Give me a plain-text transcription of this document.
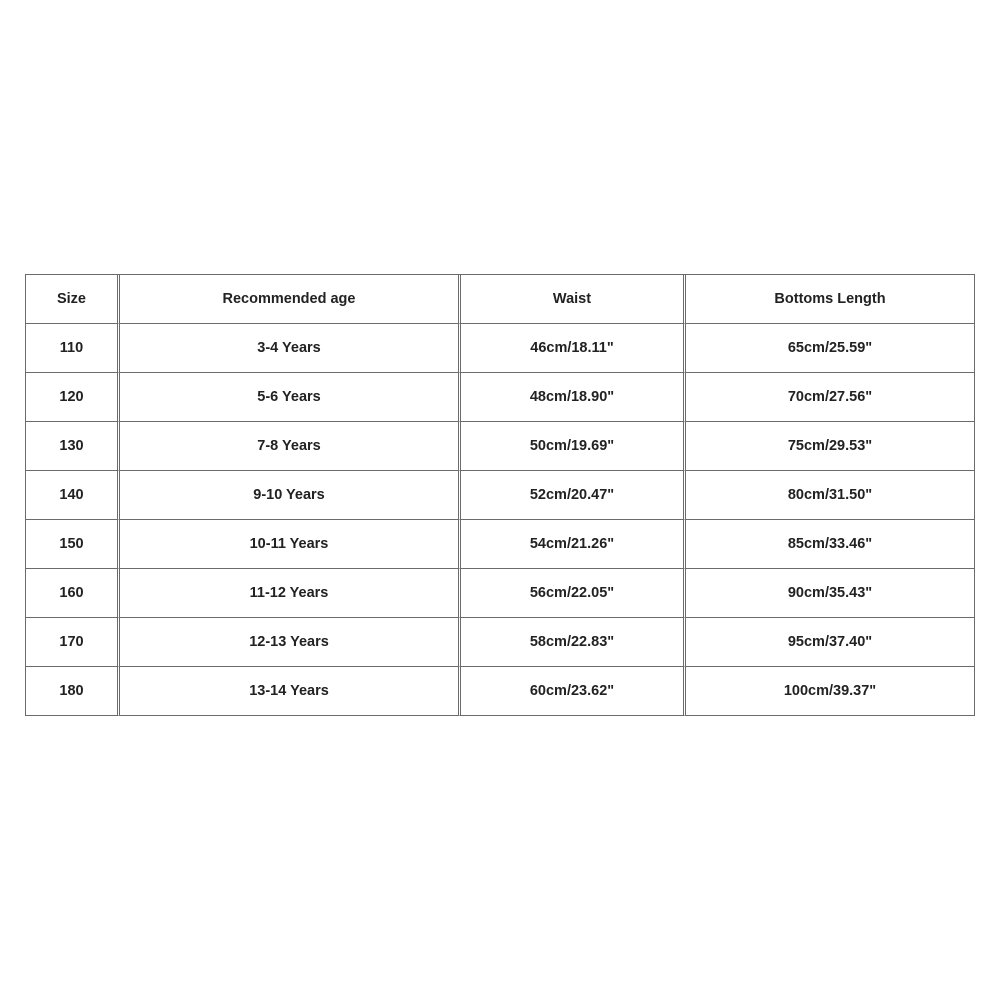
Size	Recommended age	Waist	Bottoms Length
110	3-4 Years	46cm/18.11"	65cm/25.59"
120	5-6 Years	48cm/18.90"	70cm/27.56"
130	7-8 Years	50cm/19.69"	75cm/29.53"
140	9-10 Years	52cm/20.47"	80cm/31.50"
150	10-11 Years	54cm/21.26"	85cm/33.46"
160	11-12 Years	56cm/22.05"	90cm/35.43"
170	12-13 Years	58cm/22.83"	95cm/37.40"
180	13-14 Years	60cm/23.62"	100cm/39.37"
